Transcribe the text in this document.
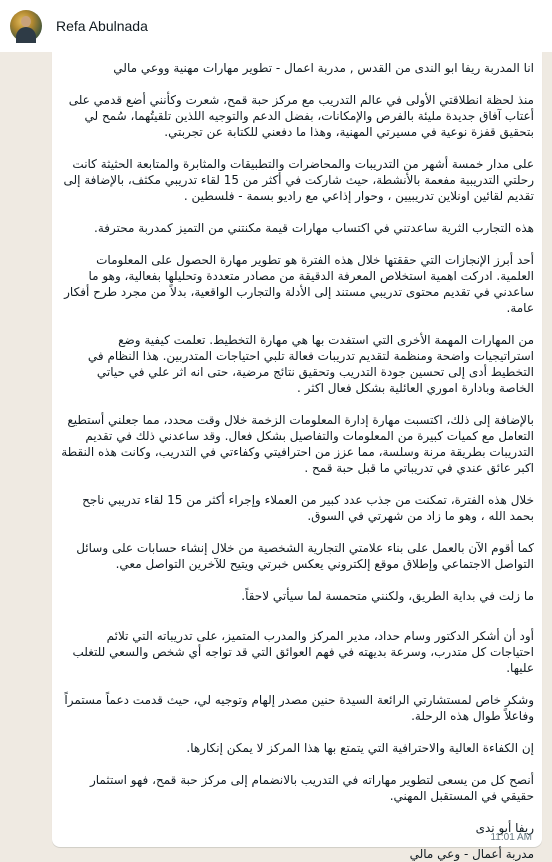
Refa Abulnada

انا المدربة ريفا ابو الندى من القدس , مدربة اعمال - تطوير مهارات مهنية ووعي مالي

منذ لحظة انطلاقتي الأولى في عالم التدريب مع مركز حبة قمح، شعرت وكأنني أضع قدمي على أعتاب آفاق جديدة مليئة بالفرص والإمكانات، بفضل الدعم والتوجيه اللذين تلقيتُهما، سُمح لي بتحقيق قفزة نوعية في مسيرتي المهنية، وهذا ما دفعني للكتابة عن تجربتي.

على مدار خمسة أشهر من التدريبات والمحاضرات والتطبيقات والمثابرة والمتابعة الحثيثة كانت رحلتي التدريبية مفعمة بالأنشطة، حيث شاركت في أكثر من 15 لقاء تدريبي مكثف، بالإضافة إلى تقديم لقائين اونلاين تدريبيين ، وحوار إذاعي مع راديو بسمة - فلسطين .

هذه التجارب الثرية ساعدتني في اكتساب مهارات قيمة مكنتني من التميز كمدربة محترفة.

أحد أبرز الإنجازات التي حققتها خلال هذه الفترة هو تطوير مهارة الحصول على المعلومات العلمية. ادركت اهمية استخلاص المعرفة الدقيقة من مصادر متعددة وتحليلها بفعالية، وهو ما ساعدني في تقديم محتوى تدريبي مستند إلى الأدلة والتجارب الواقعية، بدلاً من مجرد طرح أفكار عامة.

من المهارات المهمة الأخرى التي استفدت بها هي مهارة التخطيط. تعلمت كيفية وضع استراتيجيات واضحة ومنظمة لتقديم تدريبات فعالة تلبي احتياجات المتدربين. هذا النظام في التخطيط أدى إلى تحسين جودة التدريب وتحقيق نتائج مرضية، حتى انه اثر علي في حياتي الخاصة وبادارة اموري العائلية بشكل فعال اكثر .

بالإضافة إلى ذلك، اكتسبت مهارة إدارة المعلومات الزخمة خلال وقت محدد، مما جعلني أستطيع التعامل مع كميات كبيرة من المعلومات والتفاصيل بشكل فعال. وقد ساعدني ذلك في تقديم التدريبات بطريقة مرنة وسلسة، مما عزز من احترافيتي وكفاءتي في التدريب، وكانت هذه النقطة اكبر عائق عندي في تدريباتي ما قبل حبة قمح .

خلال هذه الفترة، تمكنت من جذب عدد كبير من العملاء وإجراء أكثر من 15 لقاء تدريبي ناجح بحمد الله ، وهو ما زاد من شهرتي في السوق.

كما أقوم الآن بالعمل على بناء علامتي التجارية الشخصية من خلال إنشاء حسابات على وسائل التواصل الاجتماعي وإطلاق موقع إلكتروني يعكس خبرتي ويتيح للآخرين التواصل معي.

ما زلت في بداية الطريق، ولكنني متحمسة لما سيأتي لاحقاً.

أود أن أشكر الدكتور وسام حداد، مدير المركز والمدرب المتميز، على تدريباته التي تلائم احتياجات كل متدرب، وسرعة بديهته في فهم العوائق التي قد تواجه أي شخص والسعي للتغلب عليها.

وشكر خاص لمستشارتي الرائعة السيدة حنين مصدر إلهام وتوجيه لي، حيث قدمت دعماً مستمراً وفاعلاً طوال هذه الرحلة.

إن الكفاءة العالية والاحترافية التي يتمتع بها هذا المركز لا يمكن إنكارها.

أنصح كل من يسعى لتطوير مهاراته في التدريب بالانضمام إلى مركز حبة قمح، فهو استثمار حقيقي في المستقبل المهني.

ريفا أبو ندى

مدربة أعمال - وعي مالي

11:01 AM
